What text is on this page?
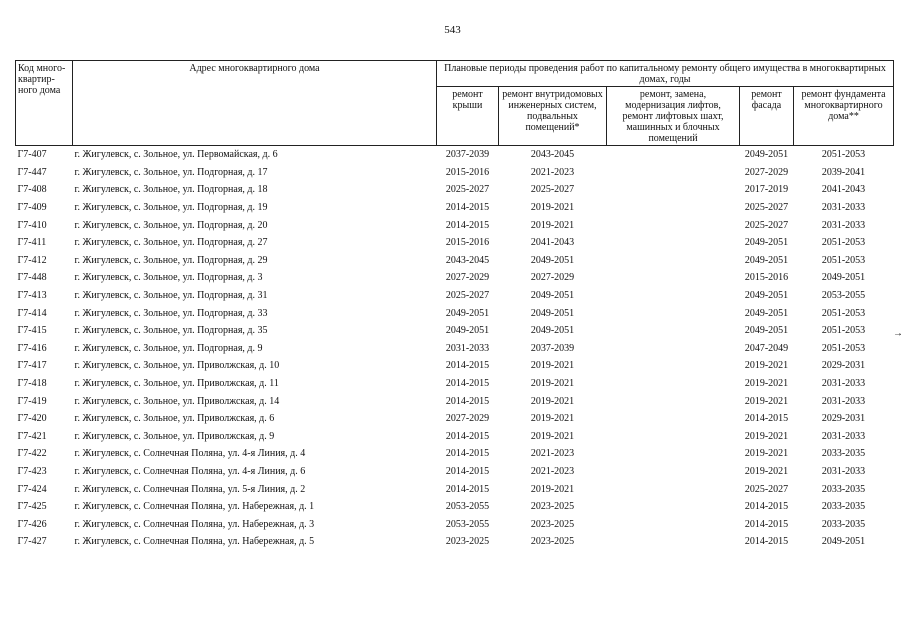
543
Код много-квартир-ного дома	Адрес многоквартирного дома	Плановые периоды проведения работ по капитальному ремонту общего имущества в многоквартирных домах, годы				
		ремонт крыши	ремонт внутридомовых инженерных систем, подвальных помещений*	ремонт, замена, модернизация лифтов, ремонт лифтовых шахт, машинных и блочных помещений	ремонт фасада	ремонт фундамента многоквартирного дома**
Г7-407	г. Жигулевск, с. Зольное, ул. Первомайская, д. 6	2037-2039	2043-2045		2049-2051	2051-2053
Г7-447	г. Жигулевск, с. Зольное, ул. Подгорная, д. 17	2015-2016	2021-2023		2027-2029	2039-2041
Г7-408	г. Жигулевск, с. Зольное, ул. Подгорная, д. 18	2025-2027	2025-2027		2017-2019	2041-2043
Г7-409	г. Жигулевск, с. Зольное, ул. Подгорная, д. 19	2014-2015	2019-2021		2025-2027	2031-2033
Г7-410	г. Жигулевск, с. Зольное, ул. Подгорная, д. 20	2014-2015	2019-2021		2025-2027	2031-2033
Г7-411	г. Жигулевск, с. Зольное, ул. Подгорная, д. 27	2015-2016	2041-2043		2049-2051	2051-2053
Г7-412	г. Жигулевск, с. Зольное, ул. Подгорная, д. 29	2043-2045	2049-2051		2049-2051	2051-2053
Г7-448	г. Жигулевск, с. Зольное, ул. Подгорная, д. 3	2027-2029	2027-2029		2015-2016	2049-2051
Г7-413	г. Жигулевск, с. Зольное, ул. Подгорная, д. 31	2025-2027	2049-2051		2049-2051	2053-2055
Г7-414	г. Жигулевск, с. Зольное, ул. Подгорная, д. 33	2049-2051	2049-2051		2049-2051	2051-2053
Г7-415	г. Жигулевск, с. Зольное, ул. Подгорная, д. 35	2049-2051	2049-2051		2049-2051	2051-2053
Г7-416	г. Жигулевск, с. Зольное, ул. Подгорная, д. 9	2031-2033	2037-2039		2047-2049	2051-2053
Г7-417	г. Жигулевск, с. Зольное, ул. Приволжская, д. 10	2014-2015	2019-2021		2019-2021	2029-2031
Г7-418	г. Жигулевск, с. Зольное, ул. Приволжская, д. 11	2014-2015	2019-2021		2019-2021	2031-2033
Г7-419	г. Жигулевск, с. Зольное, ул. Приволжская, д. 14	2014-2015	2019-2021		2019-2021	2031-2033
Г7-420	г. Жигулевск, с. Зольное, ул. Приволжская, д. 6	2027-2029	2019-2021		2014-2015	2029-2031
Г7-421	г. Жигулевск, с. Зольное, ул. Приволжская, д. 9	2014-2015	2019-2021		2019-2021	2031-2033
Г7-422	г. Жигулевск, с. Солнечная Поляна, ул. 4-я Линия, д. 4	2014-2015	2021-2023		2019-2021	2033-2035
Г7-423	г. Жигулевск, с. Солнечная Поляна, ул. 4-я Линия, д. 6	2014-2015	2021-2023		2019-2021	2031-2033
Г7-424	г. Жигулевск, с. Солнечная Поляна, ул. 5-я Линия, д. 2	2014-2015	2019-2021		2025-2027	2033-2035
Г7-425	г. Жигулевск, с. Солнечная Поляна, ул. Набережная, д. 1	2053-2055	2023-2025		2014-2015	2033-2035
Г7-426	г. Жигулевск, с. Солнечная Поляна, ул. Набережная, д. 3	2053-2055	2023-2025		2014-2015	2033-2035
Г7-427	г. Жигулевск, с. Солнечная Поляна, ул. Набережная, д. 5	2023-2025	2023-2025		2014-2015	2049-2051
→
